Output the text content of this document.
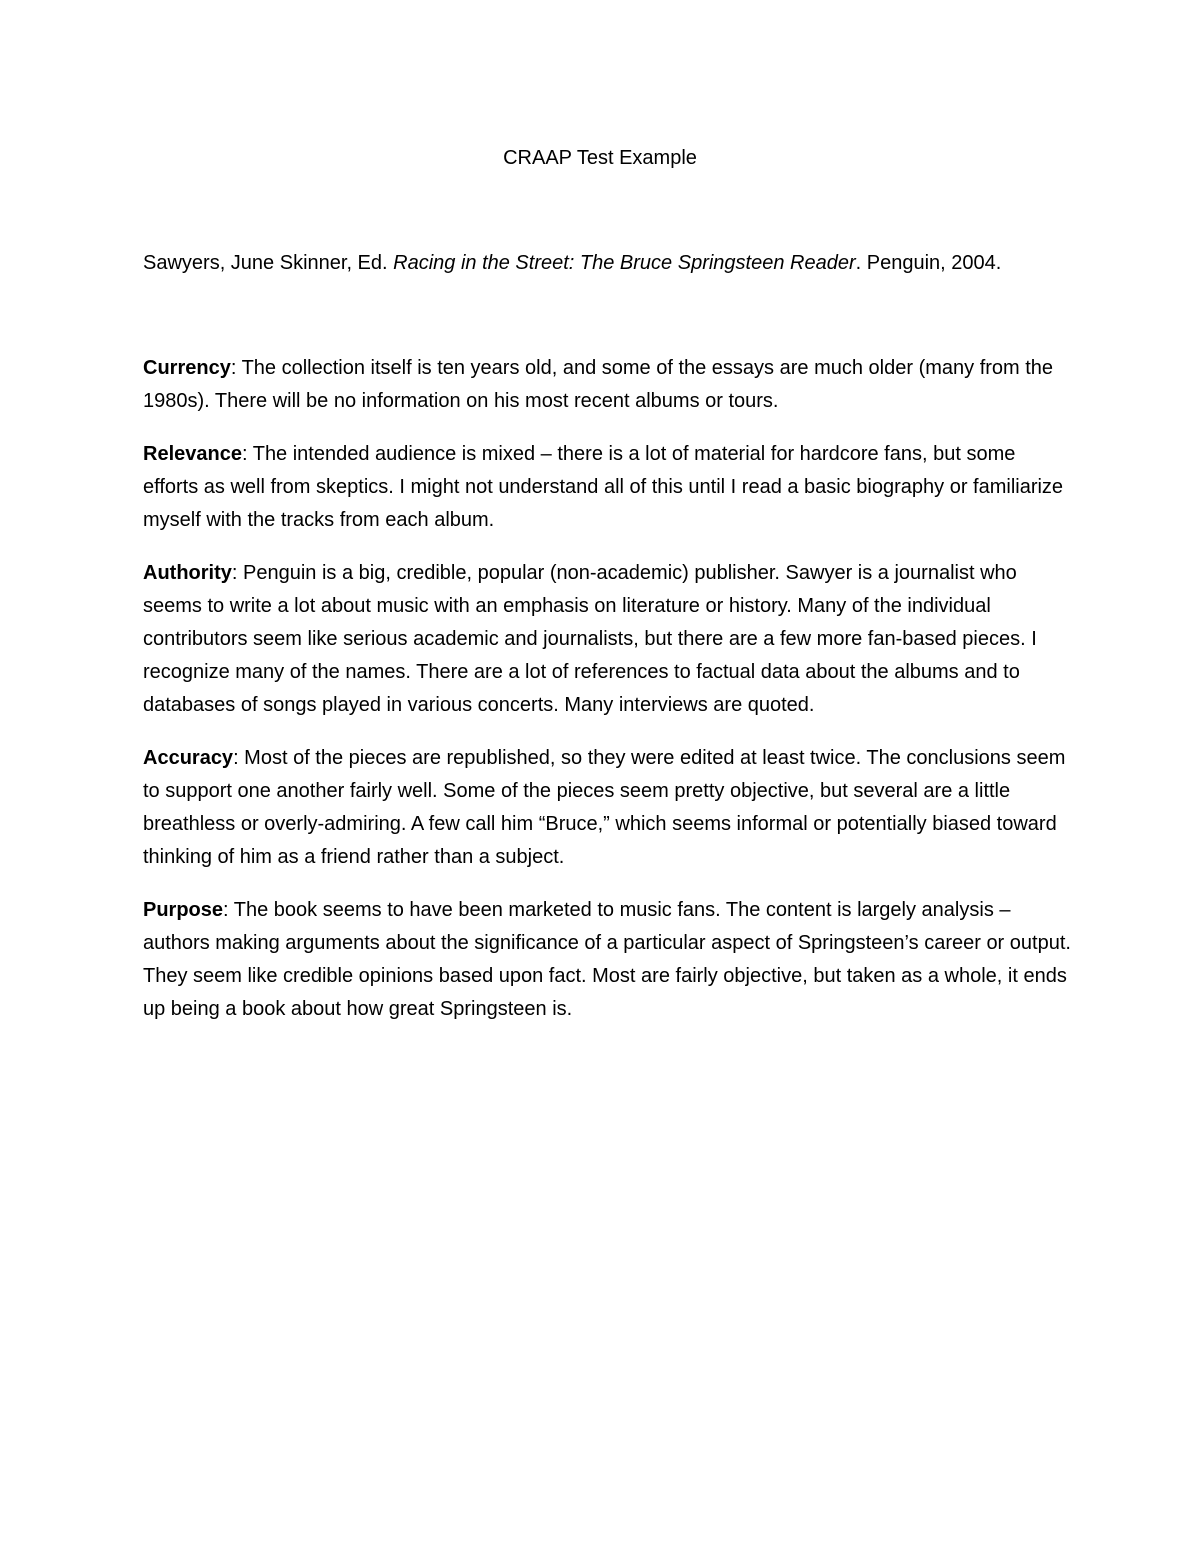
CRAAP Test Example
Sawyers, June Skinner, Ed. Racing in the Street: The Bruce Springsteen Reader. Penguin, 2004.

Currency: The collection itself is ten years old, and some of the essays are much older (many from the 1980s). There will be no information on his most recent albums or tours.

Relevance: The intended audience is mixed – there is a lot of material for hardcore fans, but some efforts as well from skeptics. I might not understand all of this until I read a basic biography or familiarize myself with the tracks from each album.

Authority: Penguin is a big, credible, popular (non-academic) publisher. Sawyer is a journalist who seems to write a lot about music with an emphasis on literature or history. Many of the individual contributors seem like serious academic and journalists, but there are a few more fan-based pieces. I recognize many of the names. There are a lot of references to factual data about the albums and to databases of songs played in various concerts. Many interviews are quoted.

Accuracy: Most of the pieces are republished, so they were edited at least twice. The conclusions seem to support one another fairly well. Some of the pieces seem pretty objective, but several are a little breathless or overly-admiring. A few call him “Bruce,” which seems informal or potentially biased toward thinking of him as a friend rather than a subject.

Purpose: The book seems to have been marketed to music fans. The content is largely analysis – authors making arguments about the significance of a particular aspect of Springsteen’s career or output. They seem like credible opinions based upon fact. Most are fairly objective, but taken as a whole, it ends up being a book about how great Springsteen is.
